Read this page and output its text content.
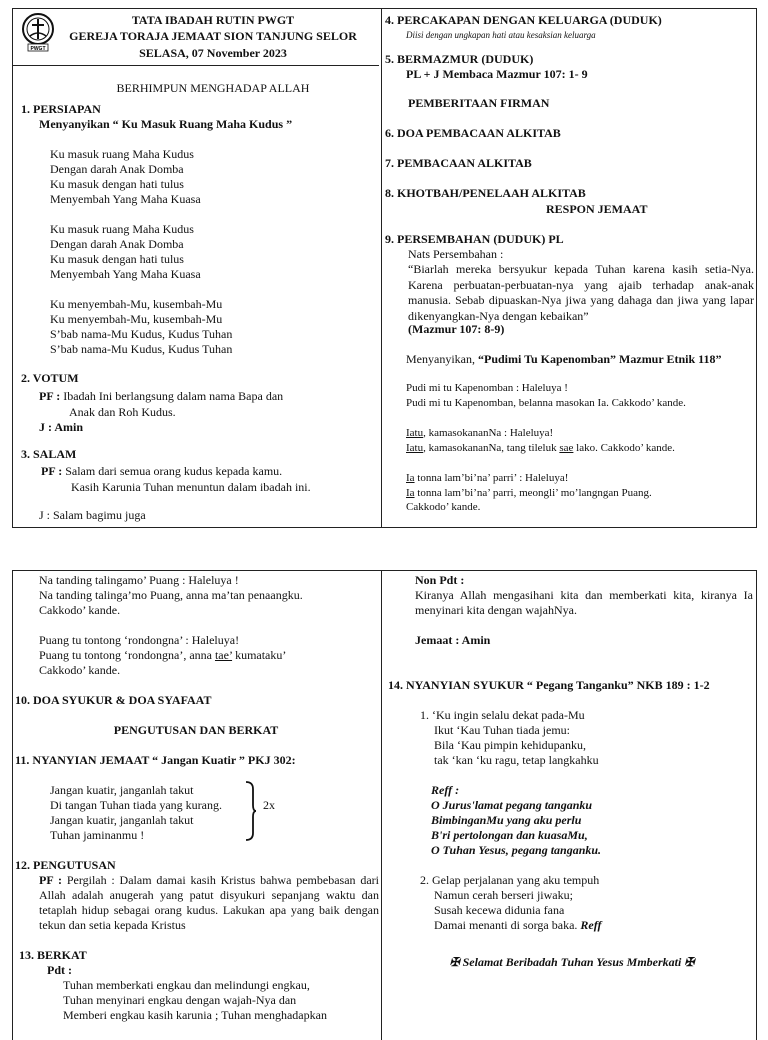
PWGT
TATA IBADAH RUTIN PWGT
GEREJA TORAJA JEMAAT SION TANJUNG SELOR
SELASA, 07 November 2023
BERHIMPUN MENGHADAP ALLAH
1. PERSIAPAN
Menyanyikan “ Ku Masuk Ruang Maha Kudus ”
Ku masuk ruang Maha Kudus
Dengan darah Anak Domba
Ku masuk dengan hati tulus
Menyembah Yang Maha Kuasa
Ku masuk ruang Maha Kudus
Dengan darah Anak Domba
Ku masuk dengan hati tulus
Menyembah Yang Maha Kuasa
Ku menyembah-Mu, kusembah-Mu
Ku menyembah-Mu, kusembah-Mu
S’bab nama-Mu Kudus, Kudus Tuhan
S’bab nama-Mu Kudus, Kudus Tuhan
2. VOTUM
PF : Ibadah Ini berlangsung dalam nama Bapa dan
Anak dan Roh Kudus.
J : Amin
3. SALAM
PF : Salam dari semua orang kudus kepada kamu.
Kasih Karunia Tuhan menuntun dalam ibadah ini.
J : Salam bagimu juga
4. PERCAKAPAN DENGAN KELUARGA (DUDUK)
Diisi dengan ungkapan hati atau kesaksian keluarga
5. BERMAZMUR (DUDUK)
PL + J Membaca Mazmur 107: 1- 9
PEMBERITAAN FIRMAN
6. DOA PEMBACAAN ALKITAB
7. PEMBACAAN ALKITAB
8. KHOTBAH/PENELAAH ALKITAB
RESPON JEMAAT
9. PERSEMBAHAN (DUDUK) PL
Nats Persembahan :
“Biarlah mereka bersyukur kepada Tuhan karena kasih setia-Nya. Karena perbuatan-perbuatan-nya yang ajaib terhadap anak-anak manusia. Sebab dipuaskan-Nya jiwa yang dahaga dan jiwa yang lapar dikenyangkan-Nya dengan kebaikan”
(Mazmur 107: 8-9)
Menyanyikan, “Pudimi Tu Kapenomban” Mazmur Etnik 118”
Pudi mi tu Kapenomban : Haleluya !
Pudi mi tu Kapenomban, belanna masokan Ia. Cakkodo’ kande.
Iatu, kamasokananNa : Haleluya!
Iatu, kamasokananNa, tang tileluk sae lako. Cakkodo’ kande.
Ia tonna lam’bi’na’ parri’ : Haleluya!
Ia tonna lam’bi’na’ parri, meongli’ mo’langngan Puang.
Cakkodo’ kande.
Na tanding talingamo’ Puang : Haleluya !
Na tanding talinga’mo Puang, anna ma’tan penaangku.
Cakkodo’ kande.
Puang tu tontong ‘rondongna’ : Haleluya!
Puang tu tontong ‘rondongna’, anna tae’ kumataku’
Cakkodo’ kande.
10. DOA SYUKUR & DOA SYAFAAT
PENGUTUSAN DAN BERKAT
11. NYANYIAN JEMAAT “ Jangan Kuatir ” PKJ 302:
Jangan kuatir, janganlah takut
Di tangan Tuhan tiada yang kurang.
Jangan kuatir, janganlah takut
Tuhan jaminanmu !
2x
12. PENGUTUSAN
PF : Pergilah : Dalam damai kasih Kristus bahwa pembebasan dari Allah adalah anugerah yang patut disyukuri sepanjang waktu dan tetaplah hidup sebagai orang kudus. Lakukan apa yang baik dengan tekun dan setia kepada Kristus
13. BERKAT
Pdt :
Tuhan memberkati engkau dan melindungi engkau,
Tuhan menyinari engkau dengan wajah-Nya dan
Memberi engkau kasih karunia ; Tuhan menghadapkan
Non Pdt :
Kiranya Allah mengasihani kita dan memberkati kita, kiranya Ia menyinari kita dengan wajahNya.
Jemaat : Amin
14. NYANYIAN SYUKUR “ Pegang Tanganku” NKB 189 : 1-2
1. ‘Ku ingin selalu dekat pada-Mu
Ikut ‘Kau Tuhan tiada jemu:
Bila ‘Kau pimpin kehidupanku,
tak ‘kan ‘ku ragu, tetap langkahku
Reff :
O Jurus'lamat pegang tanganku
BimbinganMu yang aku perlu
B'ri pertolongan dan kuasaMu,
O Tuhan Yesus, pegang tanganku.
2. Gelap perjalanan yang aku tempuh
Namun cerah berseri jiwaku;
Susah kecewa didunia fana
Damai menanti di sorga baka. Reff
✠ Selamat Beribadah Tuhan Yesus Mmberkati ✠
